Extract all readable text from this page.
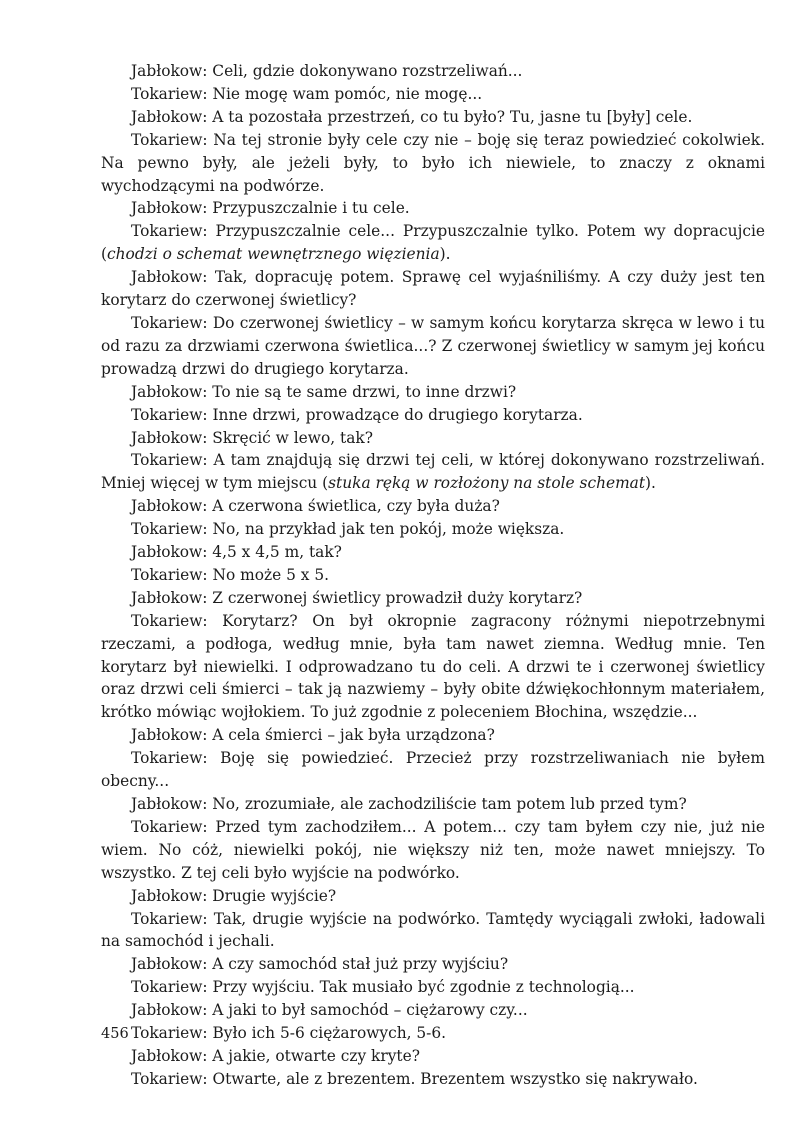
Jabłokow: Celi, gdzie dokonywano rozstrzeliwań...

Tokariew: Nie mogę wam pomóc, nie mogę...

Jabłokow: A ta pozostała przestrzeń, co tu było? Tu, jasne tu [były] cele.

Tokariew: Na tej stronie były cele czy nie – boję się teraz powiedzieć cokolwiek. Na pewno były, ale jeżeli były, to było ich niewiele, to znaczy z oknami wychodzącymi na podwórze.

Jabłokow: Przypuszczalnie i tu cele.

Tokariew: Przypuszczalnie cele... Przypuszczalnie tylko. Potem wy dopracujcie (chodzi o schemat wewnętrznego więzienia).

Jabłokow: Tak, dopracuję potem. Sprawę cel wyjaśniliśmy. A czy duży jest ten korytarz do czerwonej świetlicy?

Tokariew: Do czerwonej świetlicy – w samym końcu korytarza skręca w lewo i tu od razu za drzwiami czerwona świetlica...? Z czerwonej świetlicy w samym jej końcu prowadzą drzwi do drugiego korytarza.

Jabłokow: To nie są te same drzwi, to inne drzwi?

Tokariew: Inne drzwi, prowadzące do drugiego korytarza.

Jabłokow: Skręcić w lewo, tak?

Tokariew: A tam znajdują się drzwi tej celi, w której dokonywano rozstrzeliwań. Mniej więcej w tym miejscu (stuka ręką w rozłożony na stole schemat).

Jabłokow: A czerwona świetlica, czy była duża?

Tokariew: No, na przykład jak ten pokój, może większa.

Jabłokow: 4,5 x 4,5 m, tak?

Tokariew: No może 5 x 5.

Jabłokow: Z czerwonej świetlicy prowadził duży korytarz?

Tokariew: Korytarz? On był okropnie zagracony różnymi niepotrzebnymi rzeczami, a podłoga, według mnie, była tam nawet ziemna. Według mnie. Ten korytarz był niewielki. I odprowadzano tu do celi. A drzwi te i czerwonej świetlicy oraz drzwi celi śmierci – tak ją nazwiemy – były obite dźwiękochłonnym materiałem, krótko mówiąc wojłokiem. To już zgodnie z poleceniem Błochina, wszędzie...

Jabłokow: A cela śmierci – jak była urządzona?

Tokariew: Boję się powiedzieć. Przecież przy rozstrzeliwaniach nie byłem obecny...

Jabłokow: No, zrozumiałe, ale zachodziliście tam potem lub przed tym?

Tokariew: Przed tym zachodziłem... A potem... czy tam byłem czy nie, już nie wiem. No cóż, niewielki pokój, nie większy niż ten, może nawet mniejszy. To wszystko. Z tej celi było wyjście na podwórko.

Jabłokow: Drugie wyjście?

Tokariew: Tak, drugie wyjście na podwórko. Tamtędy wyciągali zwłoki, ładowali na samochód i jechali.

Jabłokow: A czy samochód stał już przy wyjściu?

Tokariew: Przy wyjściu. Tak musiało być zgodnie z technologią...

Jabłokow: A jaki to był samochód – ciężarowy czy...

Tokariew: Było ich 5-6 ciężarowych, 5-6.

Jabłokow: A jakie, otwarte czy kryte?

Tokariew: Otwarte, ale z brezentem. Brezentem wszystko się nakrywało.

456
